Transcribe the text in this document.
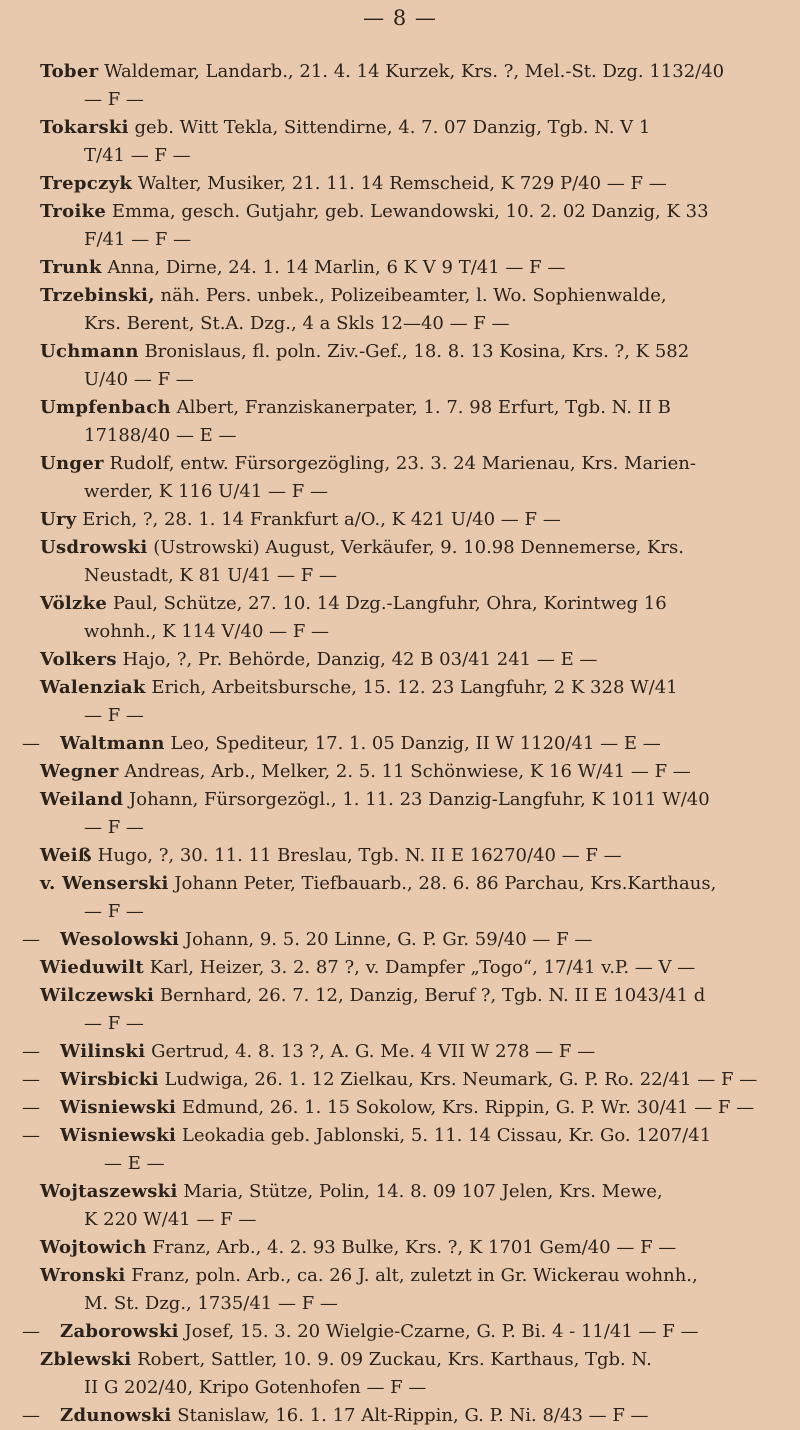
— 8 —
Tober Waldemar, Landarb., 21. 4. 14 Kurzek, Krs. ?, Mel.-St. Dzg. 1132/40
— F —
Tokarski geb. Witt Tekla, Sittendirne, 4. 7. 07 Danzig, Tgb. N. V 1
T/41 — F —
Trepczyk Walter, Musiker, 21. 11. 14 Remscheid, K 729 P/40 — F —
Troike Emma, gesch. Gutjahr, geb. Lewandowski, 10. 2. 02 Danzig, K 33
F/41 — F —
Trunk Anna, Dirne, 24. 1. 14 Marlin, 6 K V 9 T/41 — F —
Trzebinski, näh. Pers. unbek., Polizeibeamter, l. Wo. Sophienwalde,
Krs. Berent, St.A. Dzg., 4 a Skls 12—40 — F —
Uchmann Bronislaus, fl. poln. Ziv.-Gef., 18. 8. 13 Kosina, Krs. ?, K 582
U/40 — F —
Umpfenbach Albert, Franziskanerpater, 1. 7. 98 Erfurt, Tgb. N. II B
17188/40 — E —
Unger Rudolf, entw. Fürsorgezögling, 23. 3. 24 Marienau, Krs. Marien-
werder, K 116 U/41 — F —
Ury Erich, ?, 28. 1. 14 Frankfurt a/O., K 421 U/40 — F —
Usdrowski (Ustrowski) August, Verkäufer, 9. 10.98 Dennemerse, Krs.
Neustadt, K 81 U/41 — F —
Völzke Paul, Schütze, 27. 10. 14 Dzg.-Langfuhr, Ohra, Korintweg 16
wohnh., K 114 V/40 — F —
Volkers Hajo, ?, Pr. Behörde, Danzig, 42 B 03/41 241 — E —
Walenziak Erich, Arbeitsbursche, 15. 12. 23 Langfuhr, 2 K 328 W/41
— F —
—	Waltmann Leo, Spediteur, 17. 1. 05 Danzig, II W 1120/41 — E —
Wegner Andreas, Arb., Melker, 2. 5. 11 Schönwiese, K 16 W/41 — F —
Weiland Johann, Fürsorgezögl., 1. 11. 23 Danzig-Langfuhr, K 1011 W/40
— F —
Weiß Hugo, ?, 30. 11. 11 Breslau, Tgb. N. II E 16270/40 — F —
v. Wenserski Johann Peter, Tiefbauarb., 28. 6. 86 Parchau, Krs.Karthaus,
— F —
—	Wesolowski Johann, 9. 5. 20 Linne, G. P. Gr. 59/40 — F —
Wieduwilt Karl, Heizer, 3. 2. 87 ?, v. Dampfer „Togo“, 17/41 v.P. — V —
Wilczewski Bernhard, 26. 7. 12, Danzig, Beruf ?, Tgb. N. II E 1043/41 d
— F —
—	Wilinski Gertrud, 4. 8. 13 ?, A. G. Me. 4 VII W 278 — F —
—	Wirsbicki Ludwiga, 26. 1. 12 Zielkau, Krs. Neumark, G. P. Ro. 22/41 — F —
—	Wisniewski Edmund, 26. 1. 15 Sokolow, Krs. Rippin, G. P. Wr. 30/41 — F —
—	Wisniewski Leokadia geb. Jablonski, 5. 11. 14 Cissau, Kr. Go. 1207/41
— E —
Wojtaszewski Maria, Stütze, Polin, 14. 8. 09 107 Jelen, Krs. Mewe,
K 220 W/41 — F —
Wojtowich Franz, Arb., 4. 2. 93 Bulke, Krs. ?, K 1701 Gem/40 — F —
Wronski Franz, poln. Arb., ca. 26 J. alt, zuletzt in Gr. Wickerau wohnh.,
M. St. Dzg., 1735/41 — F —
—	Zaborowski Josef, 15. 3. 20 Wielgie-Czarne, G. P. Bi. 4 - 11/41 — F —
Zblewski Robert, Sattler, 10. 9. 09 Zuckau, Krs. Karthaus, Tgb. N.
II G 202/40, Kripo Gotenhofen — F —
—	Zdunowski Stanislaw, 16. 1. 17 Alt-Rippin, G. P. Ni. 8/43 — F —
